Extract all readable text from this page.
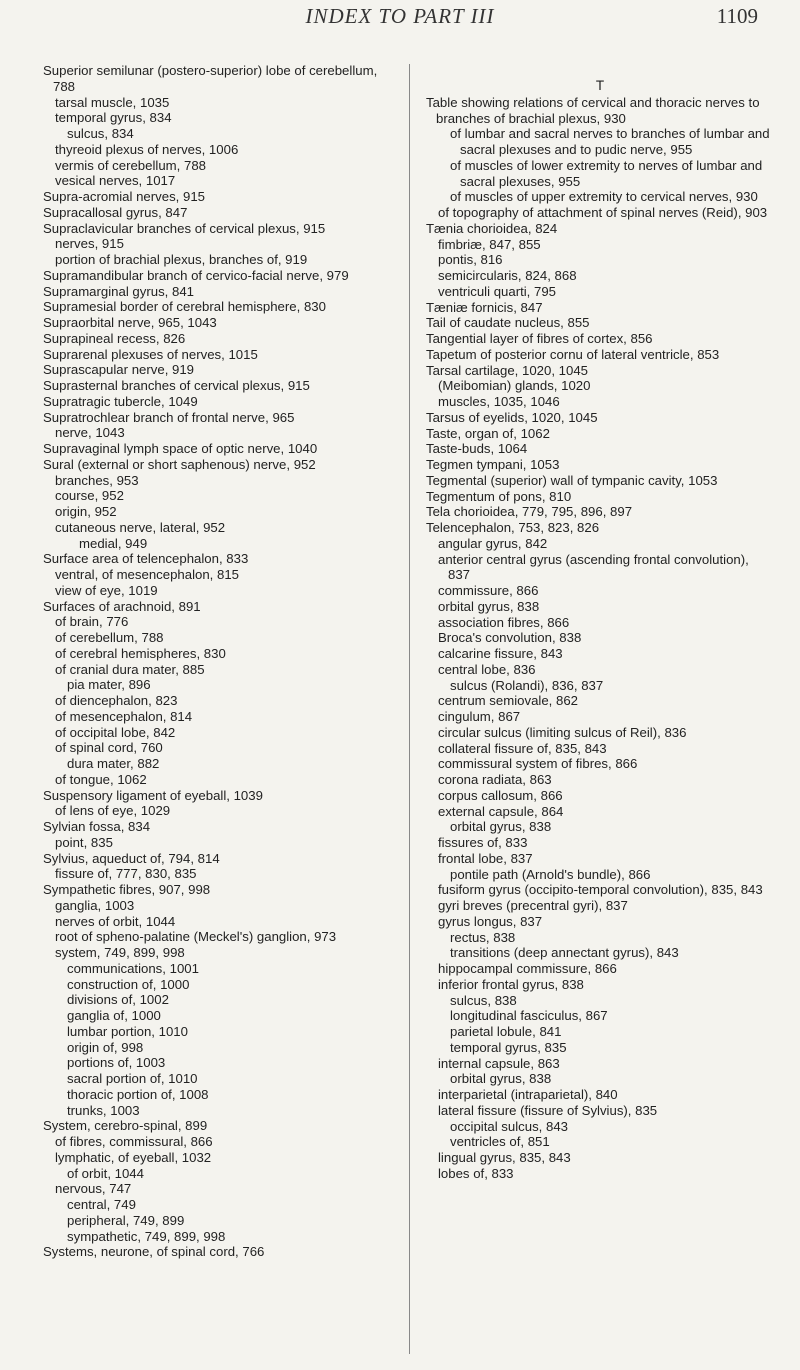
INDEX TO PART III	1109

Superior semilunar (postero-superior) lobe of cerebellum, 788

tarsal muscle, 1035

temporal gyrus, 834

sulcus, 834

thyreoid plexus of nerves, 1006

vermis of cerebellum, 788

vesical nerves, 1017

Supra-acromial nerves, 915

Supracallosal gyrus, 847

Supraclavicular branches of cervical plexus, 915

nerves, 915

portion of brachial plexus, branches of, 919

Supramandibular branch of cervico-facial nerve, 979

Supramarginal gyrus, 841

Supramesial border of cerebral hemisphere, 830

Supraorbital nerve, 965, 1043

Suprapineal recess, 826

Suprarenal plexuses of nerves, 1015

Suprascapular nerve, 919

Suprasternal branches of cervical plexus, 915

Supratragic tubercle, 1049

Supratrochlear branch of frontal nerve, 965

nerve, 1043

Supravaginal lymph space of optic nerve, 1040

Sural (external or short saphenous) nerve, 952

branches, 953

course, 952

origin, 952

cutaneous nerve, lateral, 952

medial, 949

Surface area of telencephalon, 833

ventral, of mesencephalon, 815

view of eye, 1019

Surfaces of arachnoid, 891

of brain, 776

of cerebellum, 788

of cerebral hemispheres, 830

of cranial dura mater, 885

pia mater, 896

of diencephalon, 823

of mesencephalon, 814

of occipital lobe, 842

of spinal cord, 760

dura mater, 882

of tongue, 1062

Suspensory ligament of eyeball, 1039

of lens of eye, 1029

Sylvian fossa, 834

point, 835

Sylvius, aqueduct of, 794, 814

fissure of, 777, 830, 835

Sympathetic fibres, 907, 998

ganglia, 1003

nerves of orbit, 1044

root of spheno-palatine (Meckel's) ganglion, 973

system, 749, 899, 998

communications, 1001

construction of, 1000

divisions of, 1002

ganglia of, 1000

lumbar portion, 1010

origin of, 998

portions of, 1003

sacral portion of, 1010

thoracic portion of, 1008

trunks, 1003

System, cerebro-spinal, 899

of fibres, commissural, 866

lymphatic, of eyeball, 1032

of orbit, 1044

nervous, 747

central, 749

peripheral, 749, 899

sympathetic, 749, 899, 998

Systems, neurone, of spinal cord, 766

T

Table showing relations of cervical and thoracic nerves to branches of brachial plexus, 930

of lumbar and sacral nerves to branches of lumbar and sacral plexuses and to pudic nerve, 955

of muscles of lower extremity to nerves of lumbar and sacral plexuses, 955

of muscles of upper extremity to cervical nerves, 930

of topography of attachment of spinal nerves (Reid), 903

Tænia chorioidea, 824

fimbriæ, 847, 855

pontis, 816

semicircularis, 824, 868

ventriculi quarti, 795

Tæniæ fornicis, 847

Tail of caudate nucleus, 855

Tangential layer of fibres of cortex, 856

Tapetum of posterior cornu of lateral ventricle, 853

Tarsal cartilage, 1020, 1045

(Meibomian) glands, 1020

muscles, 1035, 1046

Tarsus of eyelids, 1020, 1045

Taste, organ of, 1062

Taste-buds, 1064

Tegmen tympani, 1053

Tegmental (superior) wall of tympanic cavity, 1053

Tegmentum of pons, 810

Tela chorioidea, 779, 795, 896, 897

Telencephalon, 753, 823, 826

angular gyrus, 842

anterior central gyrus (ascending frontal convolution), 837

commissure, 866

orbital gyrus, 838

association fibres, 866

Broca's convolution, 838

calcarine fissure, 843

central lobe, 836

sulcus (Rolandi), 836, 837

centrum semiovale, 862

cingulum, 867

circular sulcus (limiting sulcus of Reil), 836

collateral fissure of, 835, 843

commissural system of fibres, 866

corona radiata, 863

corpus callosum, 866

external capsule, 864

orbital gyrus, 838

fissures of, 833

frontal lobe, 837

pontile path (Arnold's bundle), 866

fusiform gyrus (occipito-temporal convolution), 835, 843

gyri breves (precentral gyri), 837

gyrus longus, 837

rectus, 838

transitions (deep annectant gyrus), 843

hippocampal commissure, 866

inferior frontal gyrus, 838

sulcus, 838

longitudinal fasciculus, 867

parietal lobule, 841

temporal gyrus, 835

internal capsule, 863

orbital gyrus, 838

interparietal (intraparietal), 840

lateral fissure (fissure of Sylvius), 835

occipital sulcus, 843

ventricles of, 851

lingual gyrus, 835, 843

lobes of, 833
